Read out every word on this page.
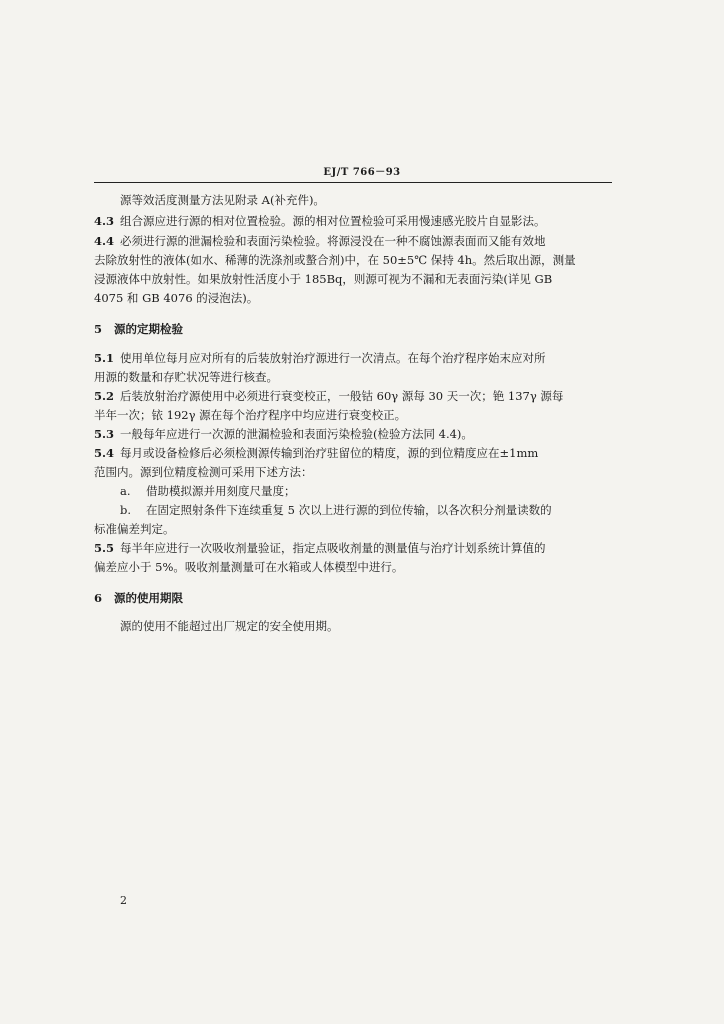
EJ/T 766－93
源等效活度测量方法见附录 A(补充件)。
4.3 组合源应进行源的相对位置检验。源的相对位置检验可采用慢速感光胶片自显影法。
4.4 必须进行源的泄漏检验和表面污染检验。将源浸没在一种不腐蚀源表面而又能有效地
去除放射性的液体(如水、稀薄的洗涤剂或螯合剂)中，在 50±5℃ 保持 4h。然后取出源，测量
浸源液体中放射性。如果放射性活度小于 185Bq，则源可视为不漏和无表面污染(详见 GB
4075 和 GB 4076 的浸泡法)。
5 源的定期检验
5.1 使用单位每月应对所有的后装放射治疗源进行一次清点。在每个治疗程序始末应对所
用源的数量和存贮状况等进行核查。
5.2 后装放射治疗源使用中必须进行衰变校正，一般钴 60γ 源每 30 天一次；铯 137γ 源每
半年一次；铱 192γ 源在每个治疗程序中均应进行衰变校正。
5.3 一般每年应进行一次源的泄漏检验和表面污染检验(检验方法同 4.4)。
5.4 每月或设备检修后必须检测源传输到治疗驻留位的精度，源的到位精度应在±1mm
范围内。源到位精度检测可采用下述方法：
a. 借助模拟源并用刻度尺量度；
b. 在固定照射条件下连续重复 5 次以上进行源的到位传输，以各次积分剂量读数的
标准偏差判定。
5.5 每半年应进行一次吸收剂量验证，指定点吸收剂量的测量值与治疗计划系统计算值的
偏差应小于 5%。吸收剂量测量可在水箱或人体模型中进行。
6 源的使用期限
源的使用不能超过出厂规定的安全使用期。
2
